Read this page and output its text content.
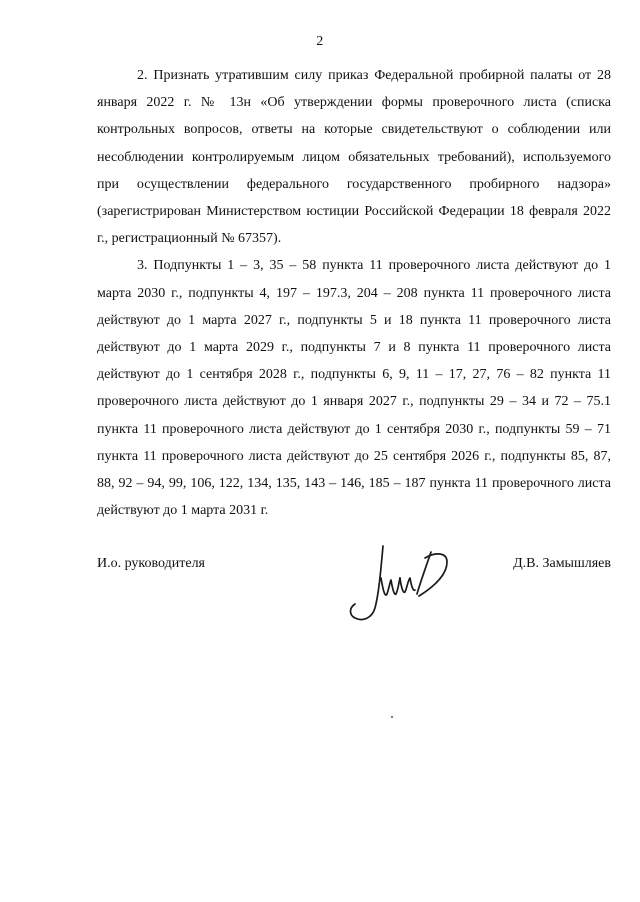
2

2. Признать утратившим силу приказ Федеральной пробирной палаты от 28 января 2022 г. № 13н «Об утверждении формы проверочного листа (списка контрольных вопросов, ответы на которые свидетельствуют о соблюдении или несоблюдении контролируемым лицом обязательных требований), используемого при осуществлении федерального государственного пробирного надзора» (зарегистрирован Министерством юстиции Российской Федерации 18 февраля 2022 г., регистрационный № 67357).

3. Подпункты 1 – 3, 35 – 58 пункта 11 проверочного листа действуют до 1 марта 2030 г., подпункты 4, 197 – 197.3, 204 – 208 пункта 11 проверочного листа действуют до 1 марта 2027 г., подпункты 5 и 18 пункта 11 проверочного листа действуют до 1 марта 2029 г., подпункты 7 и 8 пункта 11 проверочного листа действуют до 1 сентября 2028 г., подпункты 6, 9, 11 – 17, 27, 76 – 82 пункта 11 проверочного листа действуют до 1 января 2027 г., подпункты 29 – 34 и 72 – 75.1 пункта 11 проверочного листа действуют до 1 сентября 2030 г., подпункты 59 – 71 пункта 11 проверочного листа действуют до 25 сентября 2026 г., подпункты 85, 87, 88, 92 – 94, 99, 106, 122, 134, 135, 143 – 146, 185 – 187 пункта 11 проверочного листа действуют до 1 марта 2031 г.

И.о. руководителя	Д.В. Замышляев
